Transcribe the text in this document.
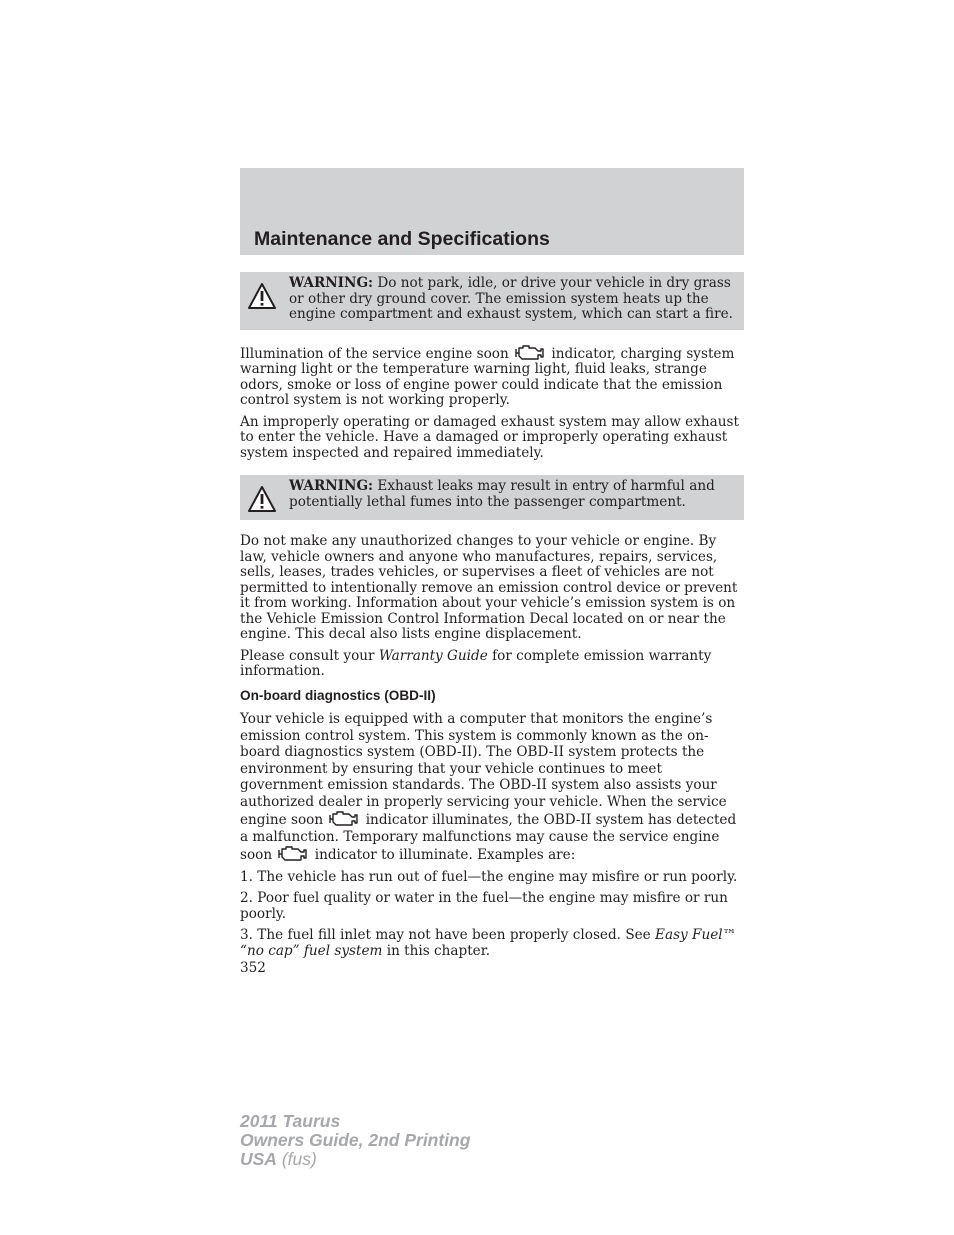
Maintenance and Specifications

WARNING: Do not park, idle, or drive your vehicle in dry grass or other dry ground cover. The emission system heats up the engine compartment and exhaust system, which can start a fire.

Illumination of the service engine soon	indicator, charging system warning light or the temperature warning light, fluid leaks, strange odors, smoke or loss of engine power could indicate that the emission control system is not working properly.

An improperly operating or damaged exhaust system may allow exhaust to enter the vehicle. Have a damaged or improperly operating exhaust system inspected and repaired immediately.

WARNING: Exhaust leaks may result in entry of harmful and potentially lethal fumes into the passenger compartment.

Do not make any unauthorized changes to your vehicle or engine. By law, vehicle owners and anyone who manufactures, repairs, services, sells, leases, trades vehicles, or supervises a fleet of vehicles are not permitted to intentionally remove an emission control device or prevent it from working. Information about your vehicle’s emission system is on the Vehicle Emission Control Information Decal located on or near the engine. This decal also lists engine displacement.

Please consult your Warranty Guide for complete emission warranty information.

On-board diagnostics (OBD-II)

Your vehicle is equipped with a computer that monitors the engine’s emission control system. This system is commonly known as the on-board diagnostics system (OBD-II). The OBD-II system protects the environment by ensuring that your vehicle continues to meet government emission standards. The OBD-II system also assists your authorized dealer in properly servicing your vehicle. When the service engine soon	indicator illuminates, the OBD-II system has detected a malfunction. Temporary malfunctions may cause the service engine soon	indicator to illuminate. Examples are:

1. The vehicle has run out of fuel—the engine may misfire or run poorly.

2. Poor fuel quality or water in the fuel—the engine may misfire or run poorly.

3. The fuel fill inlet may not have been properly closed. See Easy Fuel™ “no cap” fuel system in this chapter.

352

2011 Taurus
Owners Guide, 2nd Printing
USA (fus)
